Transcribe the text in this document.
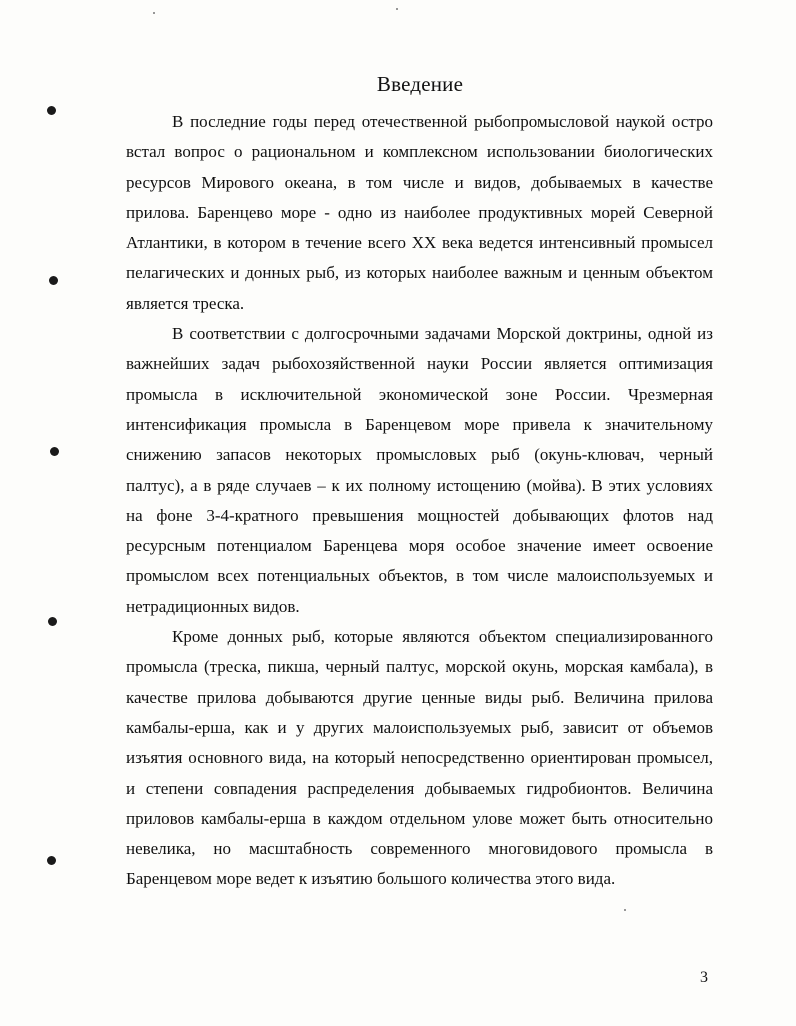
Введение

В последние годы перед отечественной рыбопромысловой наукой остро встал вопрос о рациональном и комплексном использовании биологических ресурсов Мирового океана, в том числе и видов, добываемых в качестве прилова. Баренцево море - одно из наиболее продуктивных морей Северной Атлантики, в котором в течение всего XX века ведется интенсивный промысел пелагических и донных рыб, из которых наиболее важным и ценным объектом является треска.

В соответствии с долгосрочными задачами Морской доктрины, одной из важнейших задач рыбохозяйственной науки России является оптимизация промысла в исключительной экономической зоне России. Чрезмерная интенсификация промысла в Баренцевом море привела к значительному снижению запасов некоторых промысловых рыб (окунь-клювач, черный палтус), а в ряде случаев – к их полному истощению (мойва). В этих условиях на фоне 3-4-кратного превышения мощностей добывающих флотов над ресурсным потенциалом Баренцева моря особое значение имеет освоение промыслом всех потенциальных объектов, в том числе малоиспользуемых и нетрадиционных видов.

Кроме донных рыб, которые являются объектом специализированного промысла (треска, пикша, черный палтус, морской окунь, морская камбала), в качестве прилова добываются другие ценные виды рыб. Величина прилова камбалы-ерша, как и у других малоиспользуемых рыб, зависит от объемов изъятия основного вида, на который непосредственно ориентирован промысел, и степени совпадения распределения добываемых гидробионтов. Величина приловов камбалы-ерша в каждом отдельном улове может быть относительно невелика, но масштабность современного многовидового промысла в Баренцевом море ведет к изъятию большого количества этого вида.

3
